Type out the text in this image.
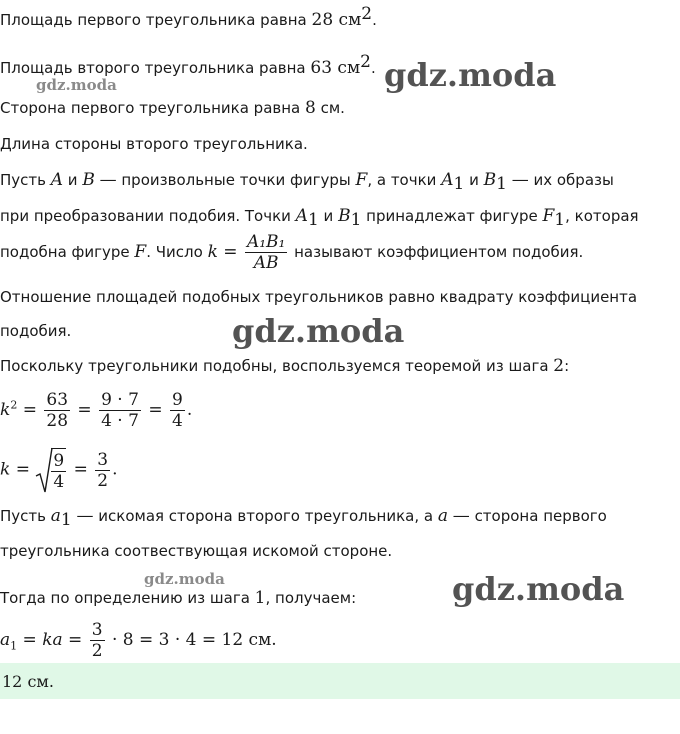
Площадь первого треугольника равна 28 $см^2$.
Площадь второго треугольника равна 63 $см^2$.
gdz.moda	gdz.moda
Сторона первого треугольника равна 8 см.
Длина стороны второго треугольника.
Пусть A и B — произвольные точки фигуры F, а точки $A_1$ и $B_1$ — их образы
при преобразовании подобия. Точки $A_1$ и $B_1$ принадлежат фигуре $F_1$, которая
подобна фигуре F. Число $k = \frac{\text{A₁B₁}}{AB}$ называют коэффициентом подобия.
Отношение площадей подобных треугольников равно квадрату коэффициента
подобия.	gdz.moda
Поскольку треугольники подобны, воспользуемся теоремой из шага 2:
$k^2 = \frac{63}{28} = \frac{9 \cdot 7}{4 \cdot 7} = \frac{9}{4}$ .
$k = \frac{9}{4} = \frac{3}{2}$ .
Пусть $a_1$ — искомая сторона второго треугольника, а a — сторона первого
треугольника соотвествующая искомой стороне.
gdz.moda	gdz.moda
Тогда по определению из шага 1, получаем:
$a_1$ = ka = $\frac{3}{2} \cdot 8 = 3 \cdot 4 = 12$ см.
12 см.
